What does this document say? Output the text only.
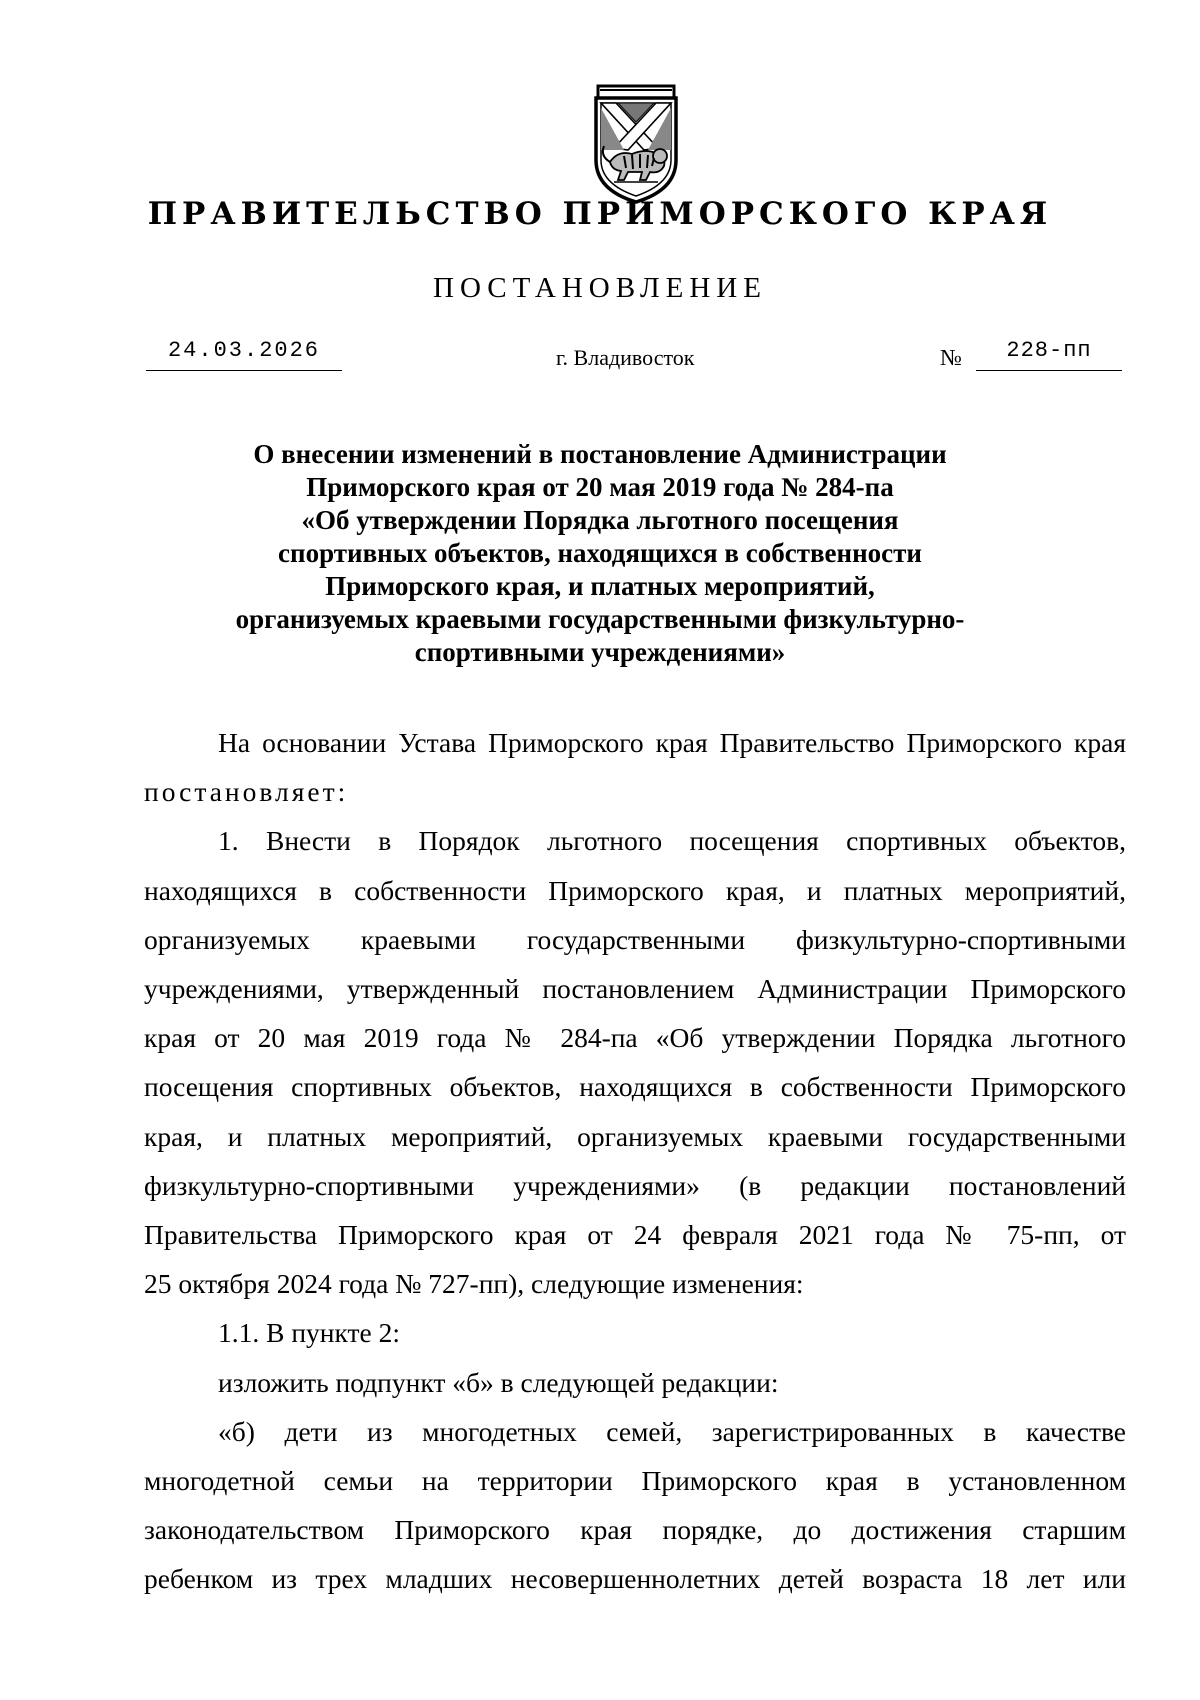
ПРАВИТЕЛЬСТВО ПРИМОРСКОГО КРАЯ
ПОСТАНОВЛЕНИЕ
24.03.2026	г. Владивосток	№	228-пп
О внесении изменений в постановление Администрации
Приморского края от 20 мая 2019 года № 284-па
«Об утверждении Порядка льготного посещения
спортивных объектов, находящихся в собственности
Приморского края, и платных мероприятий,
организуемых краевыми государственными физкультурно-
спортивными учреждениями»

На основании Устава Приморского края Правительство Приморского края постановляет:

1. Внести в Порядок льготного посещения спортивных объектов,
находящихся в собственности Приморского края, и платных мероприятий,
организуемых краевыми государственными физкультурно-спортивными
учреждениями, утвержденный постановлением Администрации Приморского
края от 20 мая 2019 года № 284-па «Об утверждении Порядка льготного
посещения спортивных объектов, находящихся в собственности Приморского
края, и платных мероприятий, организуемых краевыми государственными
физкультурно-спортивными учреждениями» (в редакции постановлений
Правительства Приморского края от 24 февраля 2021 года № 75-пп, от
25 октября 2024 года № 727-пп), следующие изменения:

1.1. В пункте 2:

изложить подпункт «б» в следующей редакции:

«б) дети из многодетных семей, зарегистрированных в качестве
многодетной семьи на территории Приморского края в установленном
законодательством Приморского края порядке, до достижения старшим
ребенком из трех младших несовершеннолетних детей возраста 18 лет или
